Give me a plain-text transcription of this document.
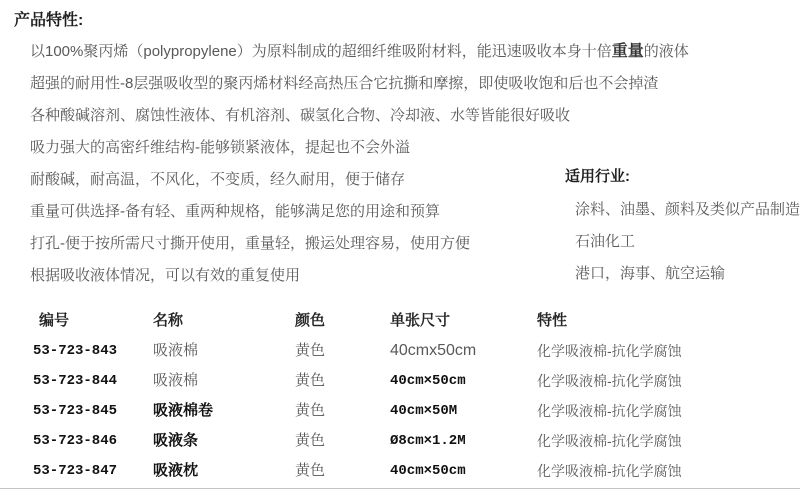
产品特性:
以100%聚丙烯（polypropylene）为原料制成的超细纤维吸附材料，能迅速吸收本身十倍重量的液体
超强的耐用性-8层强吸收型的聚丙烯材料经高热压合它抗撕和摩擦，即使吸收饱和后也不会掉渣
各种酸碱溶剂、腐蚀性液体、有机溶剂、碳氢化合物、冷却液、水等皆能很好吸收
吸力强大的高密纤维结构-能够锁紧液体，提起也不会外溢
耐酸碱，耐高温，不风化，不变质，经久耐用，便于储存
重量可供选择-备有轻、重两种规格，能够满足您的用途和预算
打孔-便于按所需尺寸撕开使用，重量轻，搬运处理容易，使用方便
根据吸收液体情况，可以有效的重复使用
适用行业:
涂料、油墨、颜料及类似产品制造
石油化工
港口，海事、航空运输
编号	名称	颜色	单张尺寸	特性
53-723-843	吸液棉	黄色	40cmx50cm	化学吸液棉-抗化学腐蚀
53-723-844	吸液棉	黄色	40cm×50cm	化学吸液棉-抗化学腐蚀
53-723-845	吸液棉卷	黄色	40cm×50M	化学吸液棉-抗化学腐蚀
53-723-846	吸液条	黄色	Ø8cm×1.2M	化学吸液棉-抗化学腐蚀
53-723-847	吸液枕	黄色	40cm×50cm	化学吸液棉-抗化学腐蚀
